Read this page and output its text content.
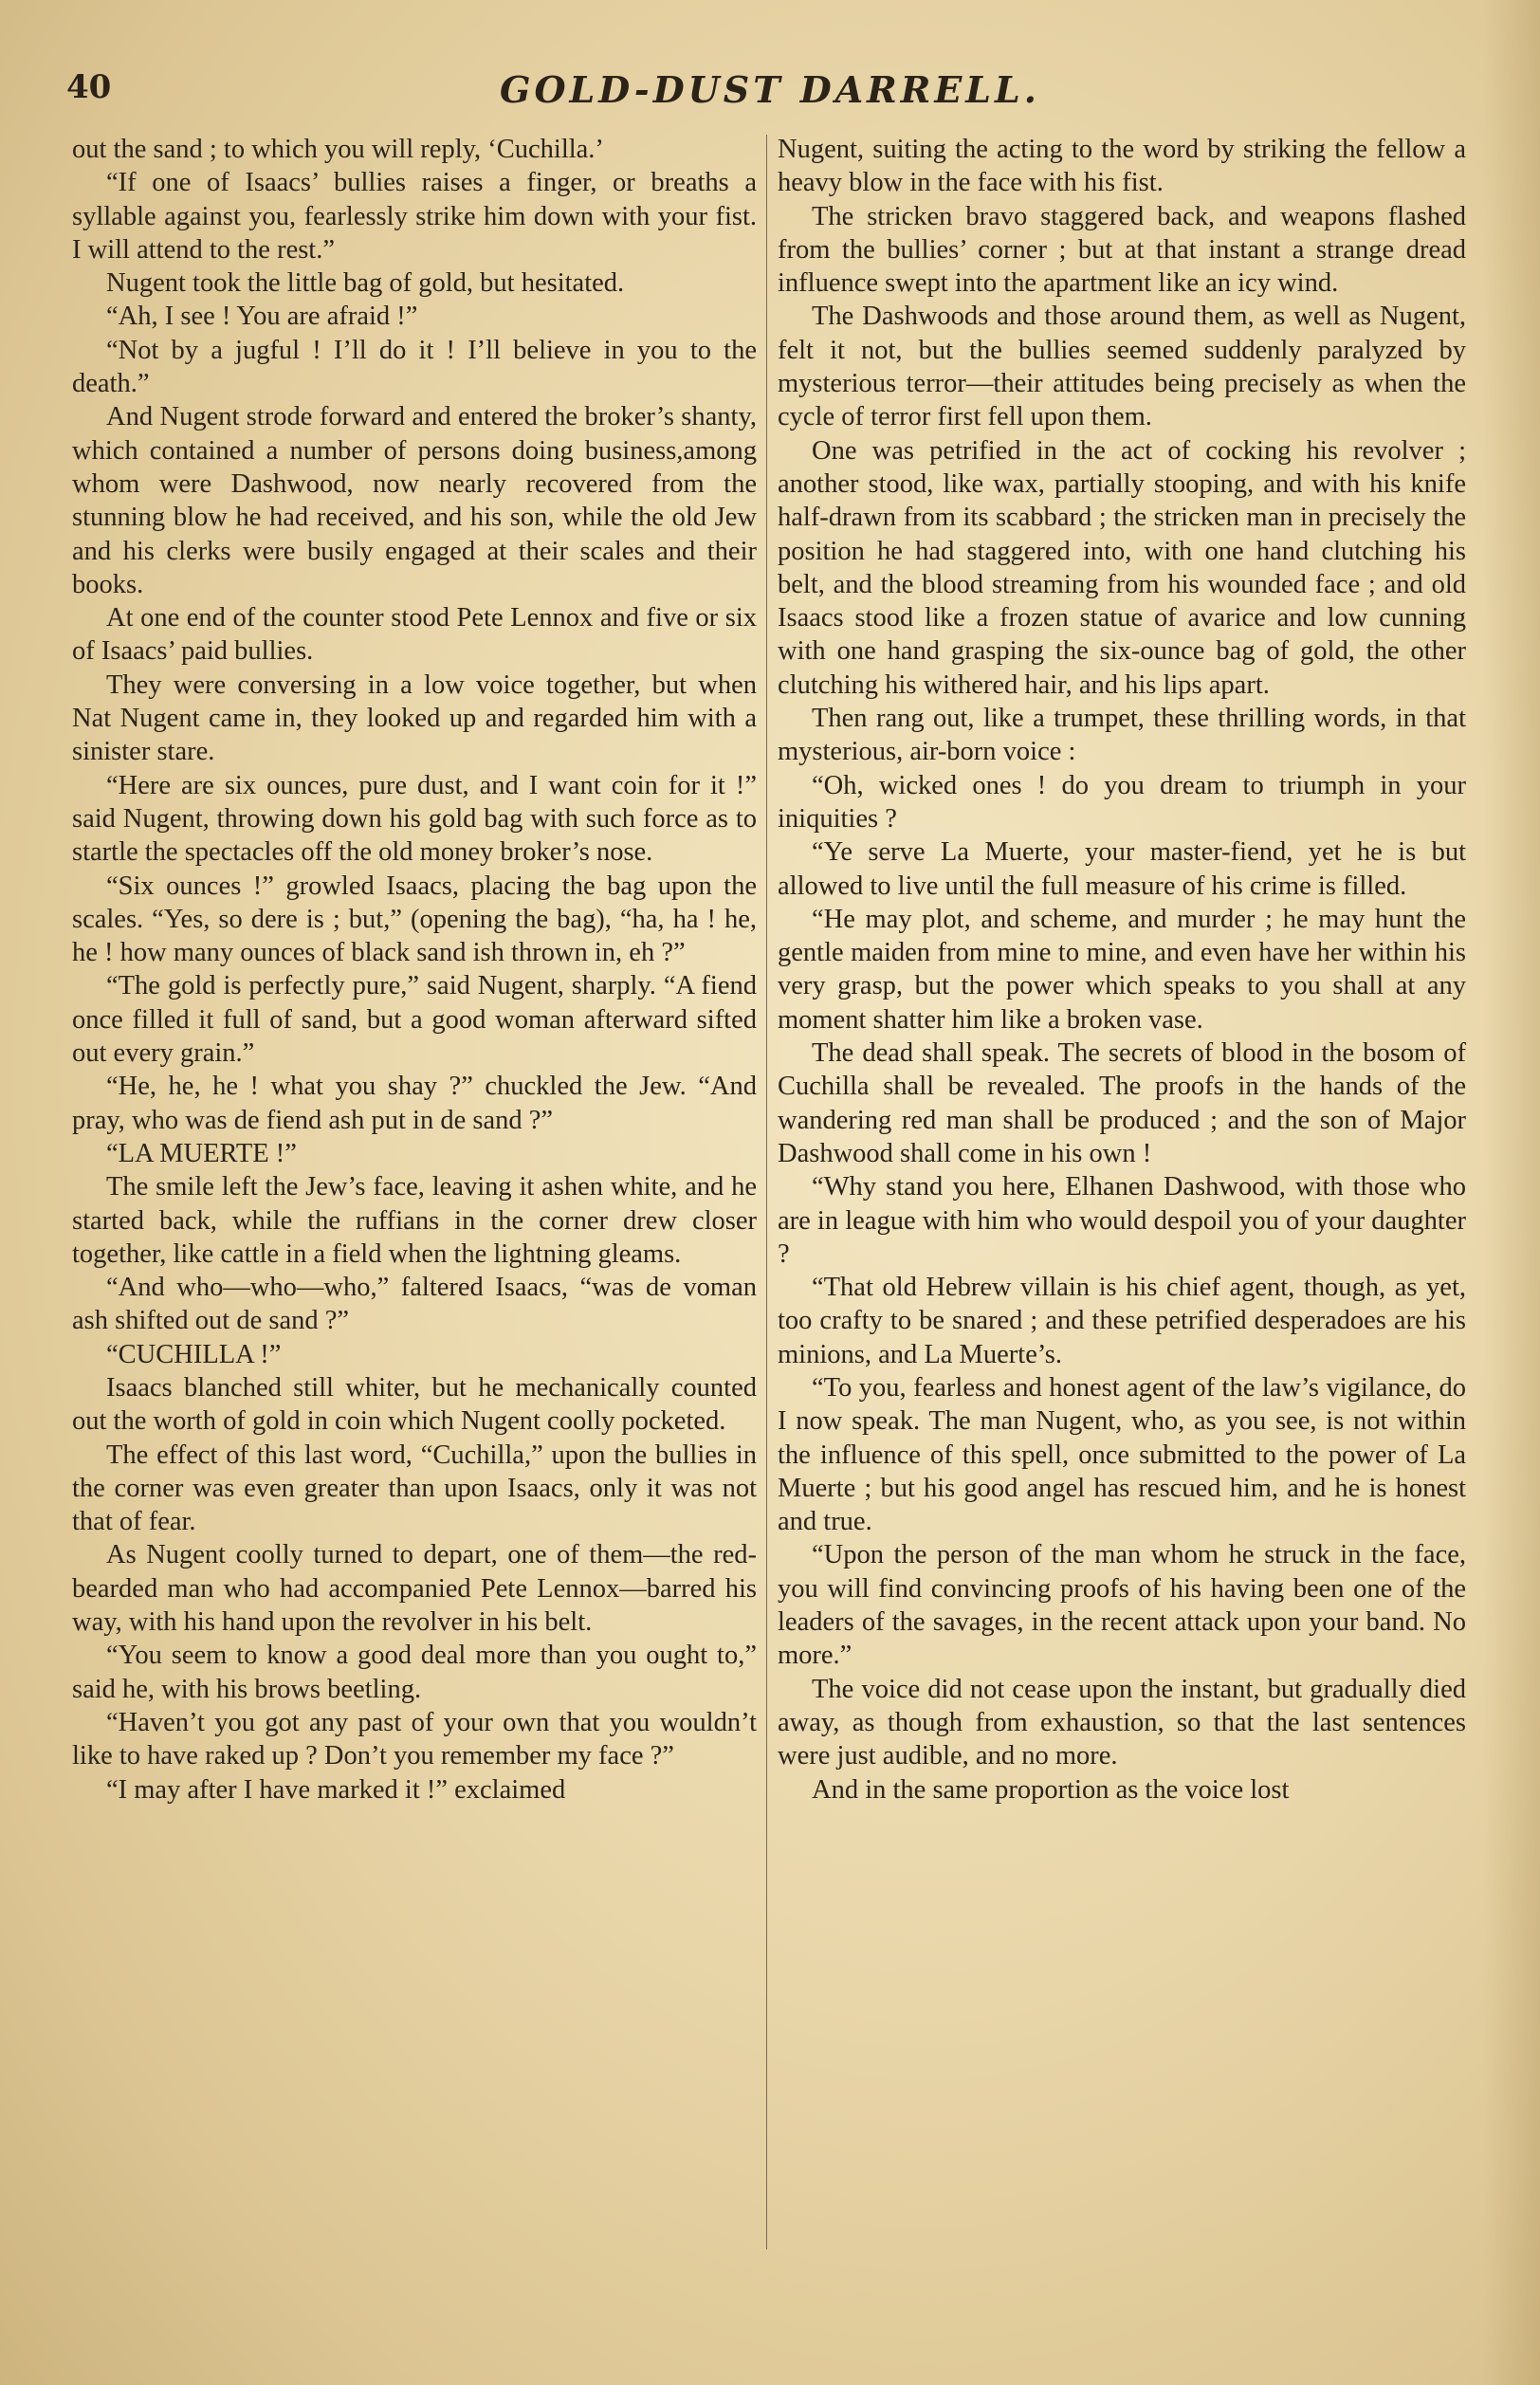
40	GOLD-DUST DARRELL.

out the sand ; to which you will reply, ‘Cuchilla.’

“If one of Isaacs’ bullies raises a finger, or breaths a syllable against you, fearlessly strike him down with your fist. I will attend to the rest.”

Nugent took the little bag of gold, but hesitated.

“Ah, I see ! You are afraid !”

“Not by a jugful ! I’ll do it ! I’ll believe in you to the death.”

And Nugent strode forward and entered the broker’s shanty, which contained a number of persons doing business,among whom were Dashwood, now nearly recovered from the stunning blow he had received, and his son, while the old Jew and his clerks were busily engaged at their scales and their books.

At one end of the counter stood Pete Lennox and five or six of Isaacs’ paid bullies.

They were conversing in a low voice together, but when Nat Nugent came in, they looked up and regarded him with a sinister stare.

“Here are six ounces, pure dust, and I want coin for it !” said Nugent, throwing down his gold bag with such force as to startle the spectacles off the old money broker’s nose.

“Six ounces !” growled Isaacs, placing the bag upon the scales. “Yes, so dere is ; but,” (opening the bag), “ha, ha ! he, he ! how many ounces of black sand ish thrown in, eh ?”

“The gold is perfectly pure,” said Nugent, sharply. “A fiend once filled it full of sand, but a good woman afterward sifted out every grain.”

“He, he, he ! what you shay ?” chuckled the Jew. “And pray, who was de fiend ash put in de sand ?”

“LA MUERTE !”

The smile left the Jew’s face, leaving it ashen white, and he started back, while the ruffians in the corner drew closer together, like cattle in a field when the lightning gleams.

“And who—who—who,” faltered Isaacs, “was de voman ash shifted out de sand ?”

“CUCHILLA !”

Isaacs blanched still whiter, but he mechanically counted out the worth of gold in coin which Nugent coolly pocketed.

The effect of this last word, “Cuchilla,” upon the bullies in the corner was even greater than upon Isaacs, only it was not that of fear.

As Nugent coolly turned to depart, one of them—the red-bearded man who had accompanied Pete Lennox—barred his way, with his hand upon the revolver in his belt.

“You seem to know a good deal more than you ought to,” said he, with his brows beetling.

“Haven’t you got any past of your own that you wouldn’t like to have raked up ? Don’t you remember my face ?”

“I may after I have marked it !” exclaimed

Nugent, suiting the acting to the word by striking the fellow a heavy blow in the face with his fist.

The stricken bravo staggered back, and weapons flashed from the bullies’ corner ; but at that instant a strange dread influence swept into the apartment like an icy wind.

The Dashwoods and those around them, as well as Nugent, felt it not, but the bullies seemed suddenly paralyzed by mysterious terror—their attitudes being precisely as when the cycle of terror first fell upon them.

One was petrified in the act of cocking his revolver ; another stood, like wax, partially stooping, and with his knife half-drawn from its scabbard ; the stricken man in precisely the position he had staggered into, with one hand clutching his belt, and the blood streaming from his wounded face ; and old Isaacs stood like a frozen statue of avarice and low cunning with one hand grasping the six-ounce bag of gold, the other clutching his withered hair, and his lips apart.

Then rang out, like a trumpet, these thrilling words, in that mysterious, air-born voice :

“Oh, wicked ones ! do you dream to triumph in your iniquities ?

“Ye serve La Muerte, your master-fiend, yet he is but allowed to live until the full measure of his crime is filled.

“He may plot, and scheme, and murder ; he may hunt the gentle maiden from mine to mine, and even have her within his very grasp, but the power which speaks to you shall at any moment shatter him like a broken vase.

The dead shall speak. The secrets of blood in the bosom of Cuchilla shall be revealed. The proofs in the hands of the wandering red man shall be produced ; and the son of Major Dashwood shall come in his own !

“Why stand you here, Elhanen Dashwood, with those who are in league with him who would despoil you of your daughter ?

“That old Hebrew villain is his chief agent, though, as yet, too crafty to be snared ; and these petrified desperadoes are his minions, and La Muerte’s.

“To you, fearless and honest agent of the law’s vigilance, do I now speak. The man Nugent, who, as you see, is not within the influence of this spell, once submitted to the power of La Muerte ; but his good angel has rescued him, and he is honest and true.

“Upon the person of the man whom he struck in the face, you will find convincing proofs of his having been one of the leaders of the savages, in the recent attack upon your band. No more.”

The voice did not cease upon the instant, but gradually died away, as though from exhaustion, so that the last sentences were just audible, and no more.

And in the same proportion as the voice lost
